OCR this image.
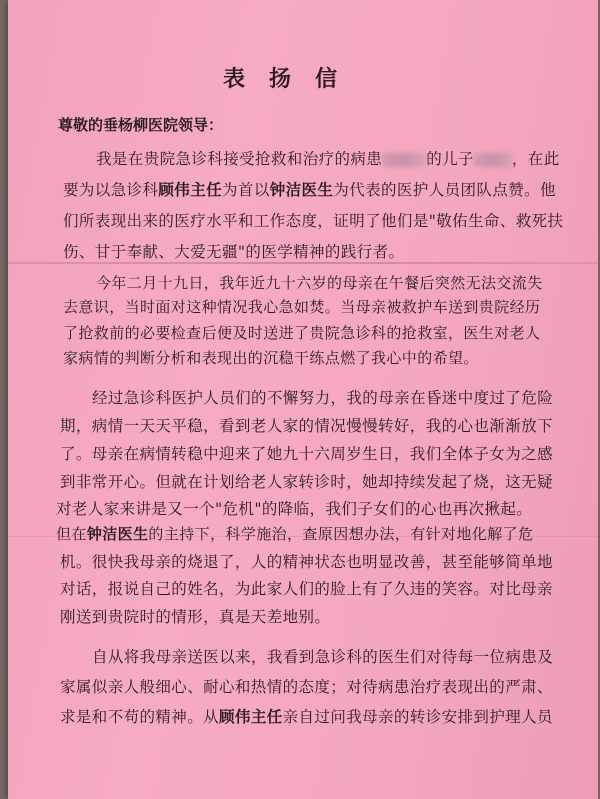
表扬信
尊敬的垂杨柳医院领导：
我是在贵院急诊科接受抢救和治疗的病患	的儿子 ，在此
要为以急诊科顾伟主任为首以钟洁医生为代表的医护人员团队点赞。他
们所表现出来的医疗水平和工作态度，证明了他们是"敬佑生命、救死扶
伤、甘于奉献、大爱无疆"的医学精神的践行者。
今年二月十九日，我年近九十六岁的母亲在午餐后突然无法交流失
去意识，当时面对这种情况我心急如焚。当母亲被救护车送到贵院经历
了抢救前的必要检查后便及时送进了贵院急诊科的抢救室，医生对老人
家病情的判断分析和表现出的沉稳干练点燃了我心中的希望。
经过急诊科医护人员们的不懈努力，我的母亲在昏迷中度过了危险
期，病情一天天平稳，看到老人家的情况慢慢转好，我的心也渐渐放下
了。母亲在病情转稳中迎来了她九十六周岁生日，我们全体子女为之感
到非常开心。但就在计划给老人家转诊时，她却持续发起了烧，这无疑
对老人家来讲是又一个"危机"的降临，我们子女们的心也再次揪起。
但在钟洁医生的主持下，科学施治，查原因想办法，有针对地化解了危
机。很快我母亲的烧退了，人的精神状态也明显改善，甚至能够简单地
对话，报说自己的姓名，为此家人们的脸上有了久违的笑容。对比母亲
刚送到贵院时的情形，真是天差地别。
自从将我母亲送医以来，我看到急诊科的医生们对待每一位病患及
家属似亲人般细心、耐心和热情的态度；对待病患治疗表现出的严肃、
求是和不苟的精神。从顾伟主任亲自过问我母亲的转诊安排到护理人员
